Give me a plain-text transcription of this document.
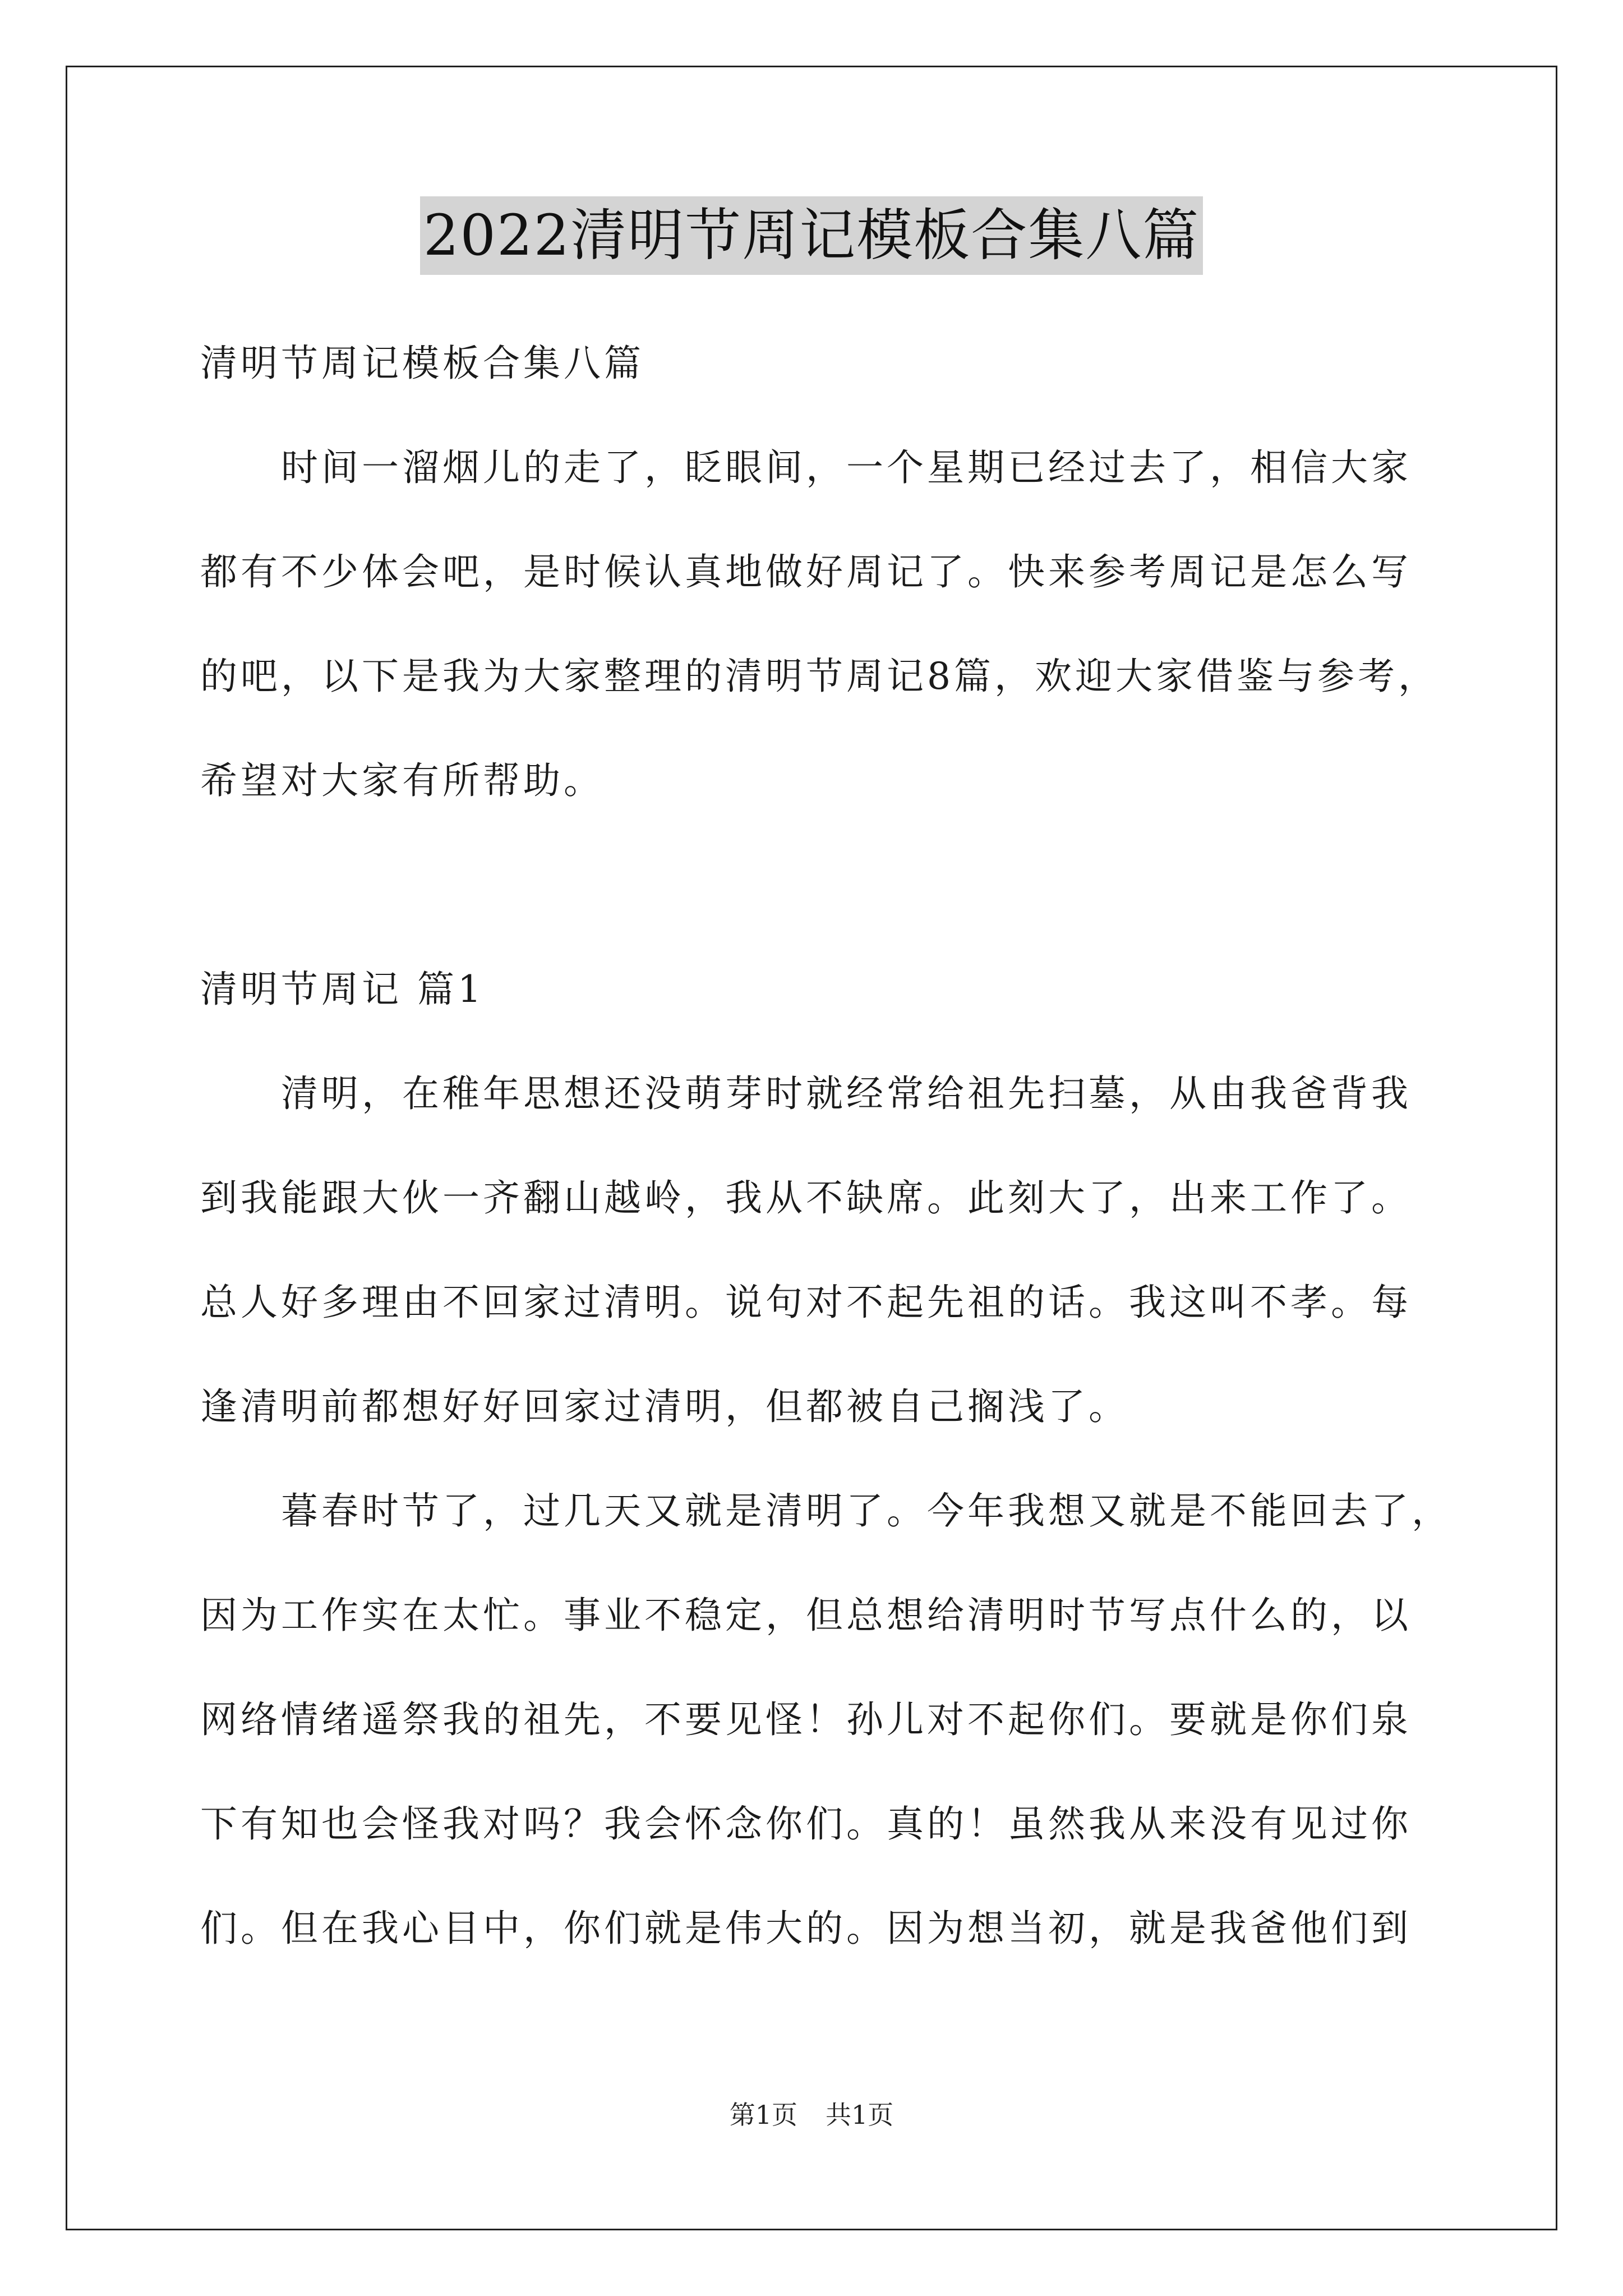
2022清明节周记模板合集八篇
清明节周记模板合集八篇
时间一溜烟儿的走了，眨眼间，一个星期已经过去了，相信大家
都有不少体会吧，是时候认真地做好周记了。快来参考周记是怎么写
的吧，以下是我为大家整理的清明节周记8篇，欢迎大家借鉴与参考，
希望对大家有所帮助。
清明节周记 篇1
清明，在稚年思想还没萌芽时就经常给祖先扫墓，从由我爸背我
到我能跟大伙一齐翻山越岭，我从不缺席。此刻大了，出来工作了。
总人好多理由不回家过清明。说句对不起先祖的话。我这叫不孝。每
逢清明前都想好好回家过清明，但都被自己搁浅了。
暮春时节了，过几天又就是清明了。今年我想又就是不能回去了，
因为工作实在太忙。事业不稳定，但总想给清明时节写点什么的，以
网络情绪遥祭我的祖先，不要见怪！孙儿对不起你们。要就是你们泉
下有知也会怪我对吗？我会怀念你们。真的！虽然我从来没有见过你
们。但在我心目中，你们就是伟大的。因为想当初，就是我爸他们到
第1页 共1页
